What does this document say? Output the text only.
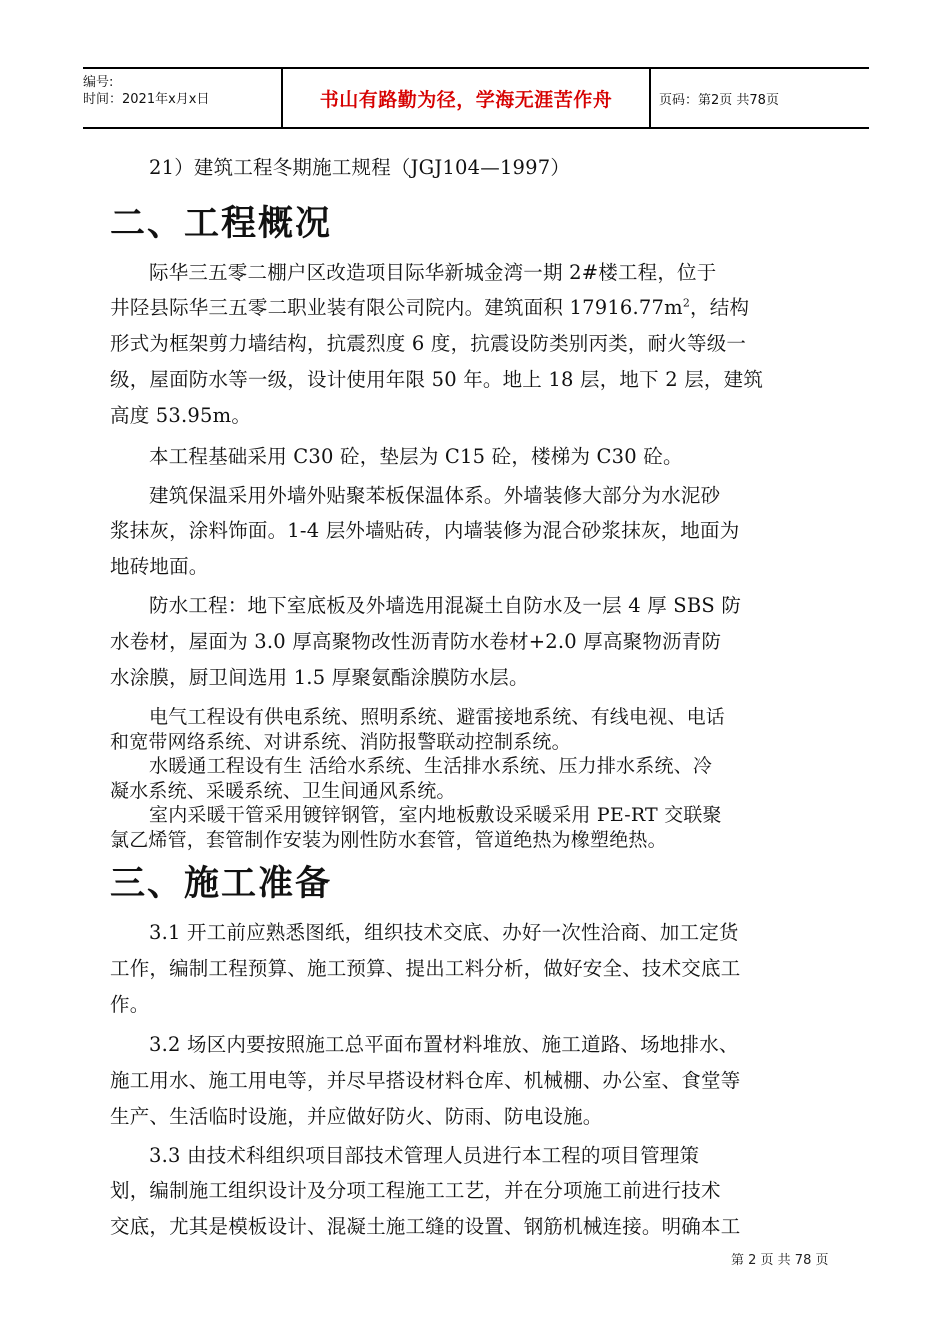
编号:
时间：2021年x月x日	书山有路勤为径，学海无涯苦作舟	页码：第2页 共78页
21）建筑工程冬期施工规程（JGJ104—1997）
二、工程概况
际华三五零二棚户区改造项目际华新城金湾一期 2#楼工程，位于
井陉县际华三五零二职业装有限公司院内。建筑面积 $17916.77m^2$，结构
形式为框架剪力墙结构，抗震烈度 6 度，抗震设防类别丙类，耐火等级一
级，屋面防水等一级，设计使用年限 50 年。地上 18 层，地下 2 层，建筑
高度 53.95m。
本工程基础采用 C30 砼，垫层为 C15 砼，楼梯为 C30 砼。
建筑保温采用外墙外贴聚苯板保温体系。外墙装修大部分为水泥砂
浆抹灰，涂料饰面。1-4 层外墙贴砖，内墙装修为混合砂浆抹灰，地面为
地砖地面。
防水工程：地下室底板及外墙选用混凝土自防水及一层 4 厚 SBS 防
水卷材，屋面为 3.0 厚高聚物改性沥青防水卷材+2.0 厚高聚物沥青防
水涂膜，厨卫间选用 1.5 厚聚氨酯涂膜防水层。
电气工程设有供电系统、照明系统、避雷接地系统、有线电视、电话
和宽带网络系统、对讲系统、消防报警联动控制系统。
水暖通工程设有生 活给水系统、生活排水系统、压力排水系统、冷
凝水系统、采暖系统、卫生间通风系统。
室内采暖干管采用镀锌钢管，室内地板敷设采暖采用 PE-RT 交联聚
氯乙烯管，套管制作安装为刚性防水套管，管道绝热为橡塑绝热。
三、施工准备
3.1 开工前应熟悉图纸，组织技术交底、办好一次性洽商、加工定货
工作，编制工程预算、施工预算、提出工料分析，做好安全、技术交底工
作。
3.2 场区内要按照施工总平面布置材料堆放、施工道路、场地排水、
施工用水、施工用电等，并尽早搭设材料仓库、机械棚、办公室、食堂等
生产、生活临时设施，并应做好防火、防雨、防电设施。
3.3 由技术科组织项目部技术管理人员进行本工程的项目管理策
划，编制施工组织设计及分项工程施工工艺，并在分项施工前进行技术
交底，尤其是模板设计、混凝土施工缝的设置、钢筋机械连接。明确本工
第 2 页 共 78 页
